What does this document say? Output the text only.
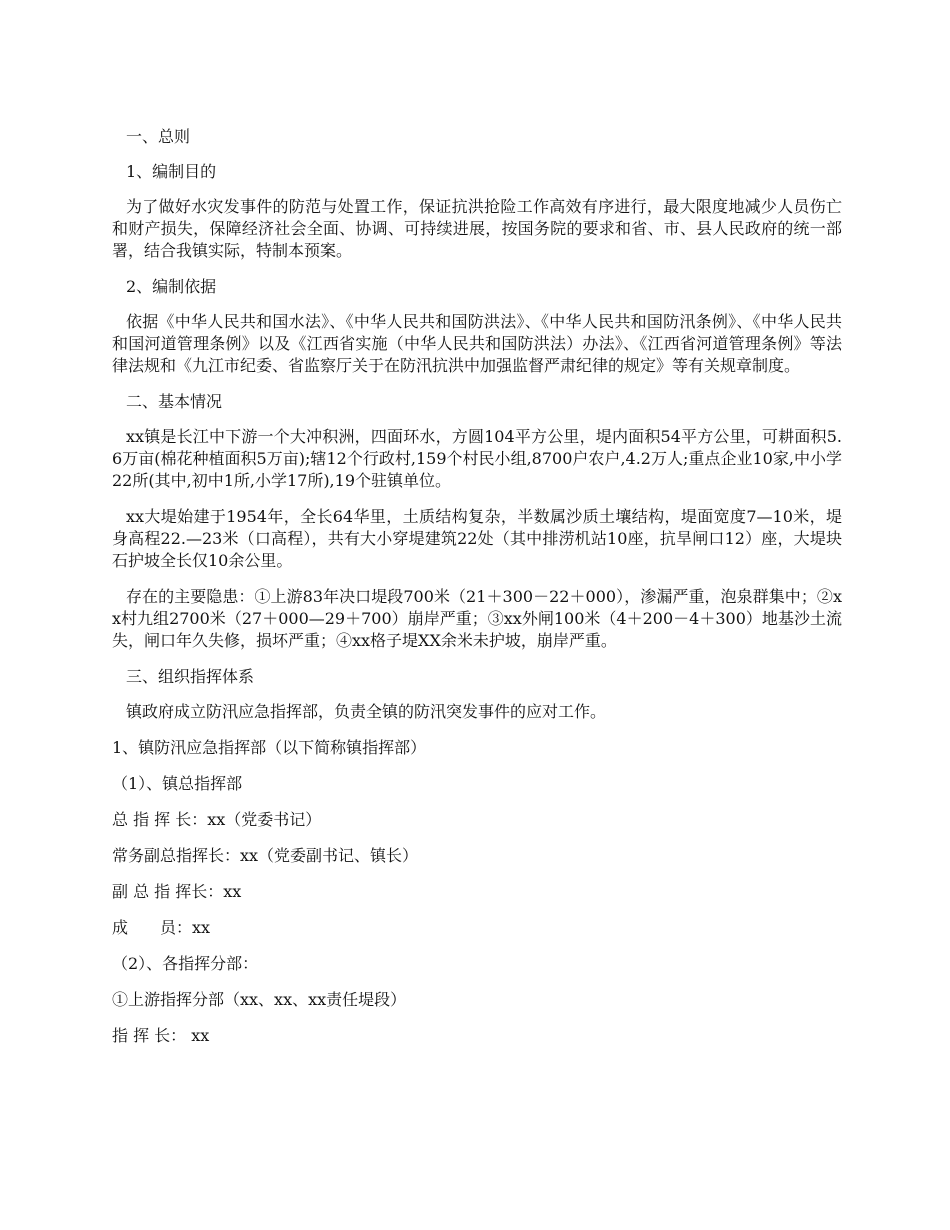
一、总则

1、编制目的

为了做好水灾发事件的防范与处置工作，保证抗洪抢险工作高效有序进行，最大限度地减少人员伤亡和财产损失，保障经济社会全面、协调、可持续进展，按国务院的要求和省、市、县人民政府的统一部署，结合我镇实际，特制本预案。

2、编制依据

依据《中华人民共和国水法》、《中华人民共和国防洪法》、《中华人民共和国防汛条例》、《中华人民共和国河道管理条例》以及《江西省实施（中华人民共和国防洪法）办法》、《江西省河道管理条例》等法律法规和《九江市纪委、省监察厅关于在防汛抗洪中加强监督严肃纪律的规定》等有关规章制度。

二、基本情况

xx镇是长江中下游一个大冲积洲，四面环水，方圆104平方公里，堤内面积54平方公里，可耕面积5.6万亩(棉花种植面积5万亩);辖12个行政村,159个村民小组,8700户农户,4.2万人;重点企业10家,中小学22所(其中,初中1所,小学17所),19个驻镇单位。

xx大堤始建于1954年，全长64华里，土质结构复杂，半数属沙质土壤结构，堤面宽度7—10米，堤身高程22.—23米（口高程），共有大小穿堤建筑22处（其中排涝机站10座，抗旱闸口12）座，大堤块石护坡全长仅10余公里。

存在的主要隐患：①上游83年决口堤段700米（21＋300－22＋000），渗漏严重，泡泉群集中；②xx村九组2700米（27＋000—29＋700）崩岸严重；③xx外闸100米（4＋200－4＋300）地基沙土流失，闸口年久失修，损坏严重；④xx格子堤XX余米未护坡，崩岸严重。

三、组织指挥体系

镇政府成立防汛应急指挥部，负责全镇的防汛突发事件的应对工作。

1、镇防汛应急指挥部（以下简称镇指挥部）

（1）、镇总指挥部

总 指 挥 长：xx（党委书记）

常务副总指挥长：xx（党委副书记、镇长）

副 总 指 挥长：xx

成　　员：xx

（2）、各指挥分部：

①上游指挥分部（xx、xx、xx责任堤段）

指 挥 长： xx
